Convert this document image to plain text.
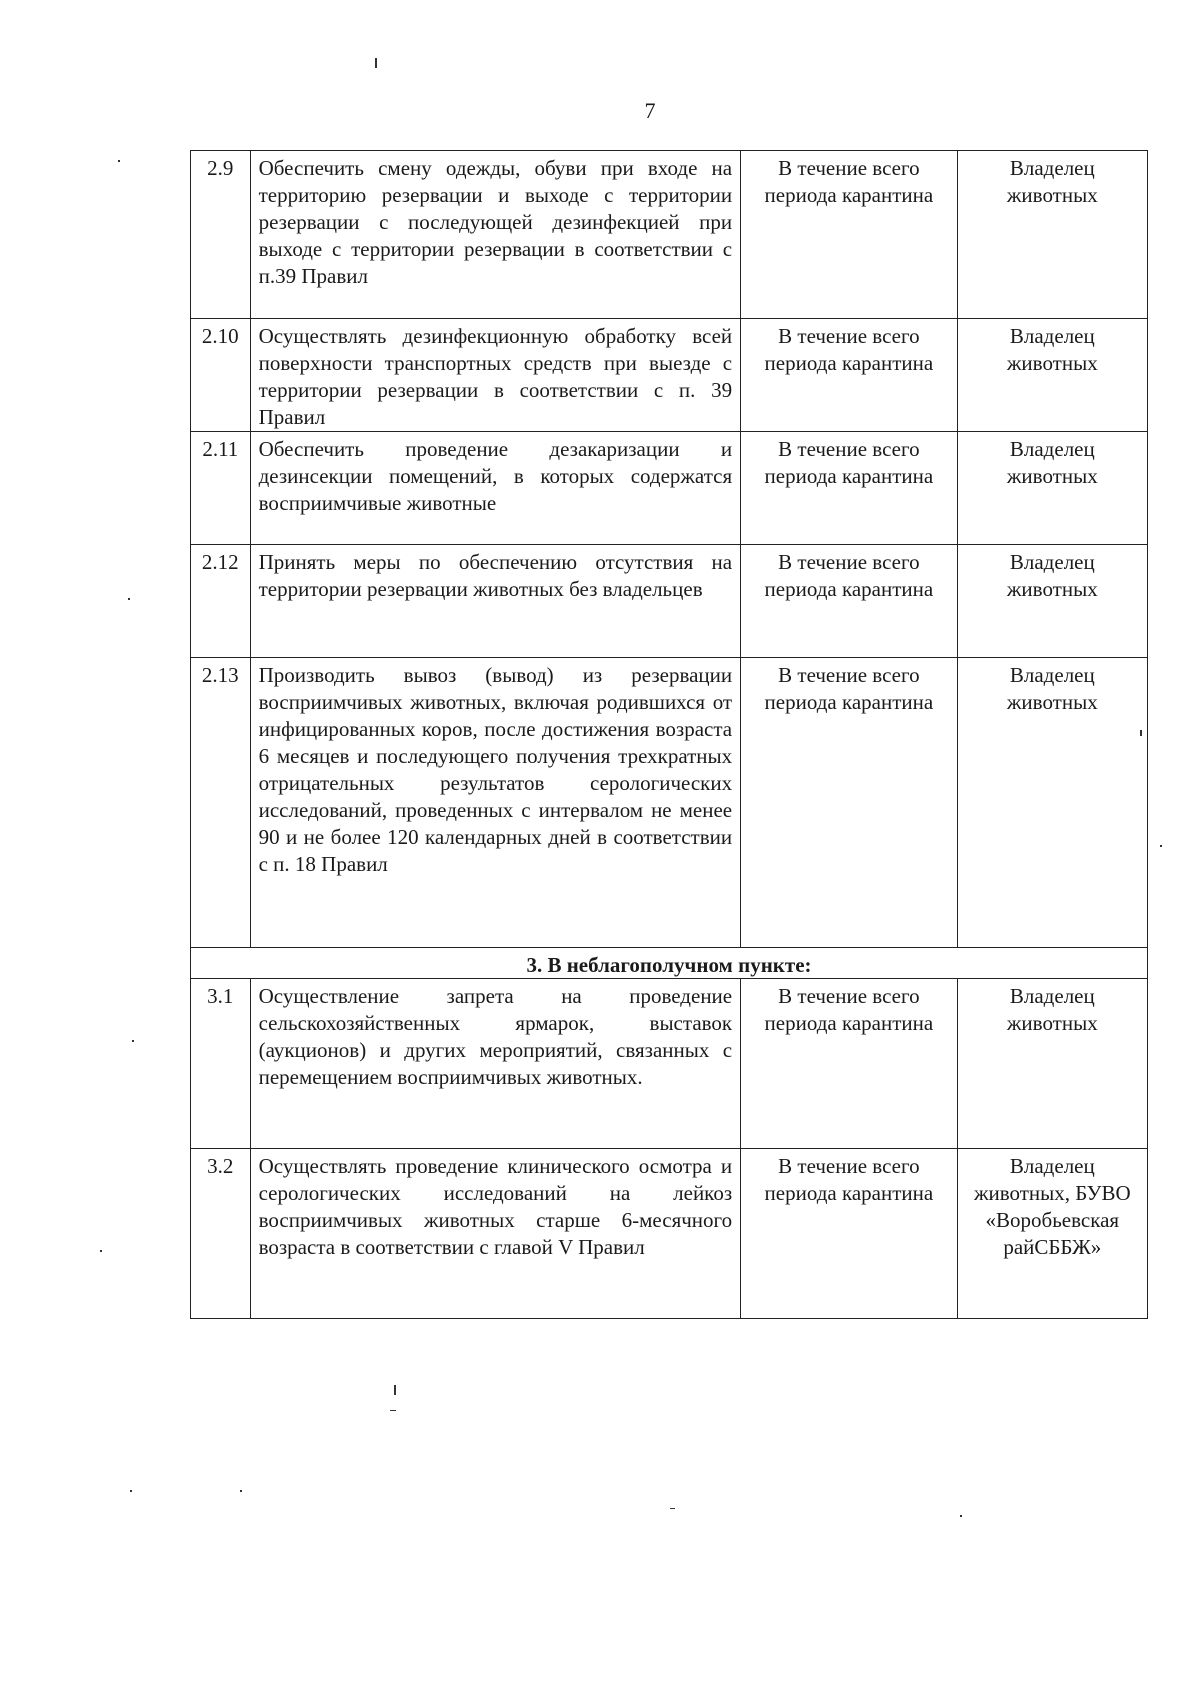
7
2.9	Обеспечить смену одежды, обуви при входе на территорию резервации и выходе с территории резервации с последующей дезинфекцией при выходе с территории резервации в соответствии с п.39 Правил	В течение всего периода карантина	Владелец животных
2.10	Осуществлять дезинфекционную обработку всей поверхности транспортных средств при выезде с территории резервации в соответствии с п. 39 Правил	В течение всего периода карантина	Владелец животных
2.11	Обеспечить проведение дезакаризации и дезинсекции помещений, в которых содержатся восприимчивые животные	В течение всего периода карантина	Владелец животных
2.12	Принять меры по обеспечению отсутствия на территории резервации животных без владельцев	В течение всего периода карантина	Владелец животных
2.13	Производить вывоз (вывод) из резервации восприимчивых животных, включая родившихся от инфицированных коров, после достижения возраста 6 месяцев и последующего получения трехкратных отрицательных результатов серологических исследований, проведенных с интервалом не менее 90 и не более 120 календарных дней в соответствии с п. 18 Правил	В течение всего периода карантина	Владелец животных
3. В неблагополучном пункте:			
3.1	Осуществление запрета на проведение сельскохозяйственных ярмарок, выставок (аукционов) и других мероприятий, связанных с перемещением восприимчивых животных.	В течение всего периода карантина	Владелец животных
3.2	Осуществлять проведение клинического осмотра и серологических исследований на лейкоз восприимчивых животных старше 6-месячного возраста в соответствии с главой V Правил	В течение всего периода карантина	Владелец животных, БУВО «Воробьевская райСББЖ»
